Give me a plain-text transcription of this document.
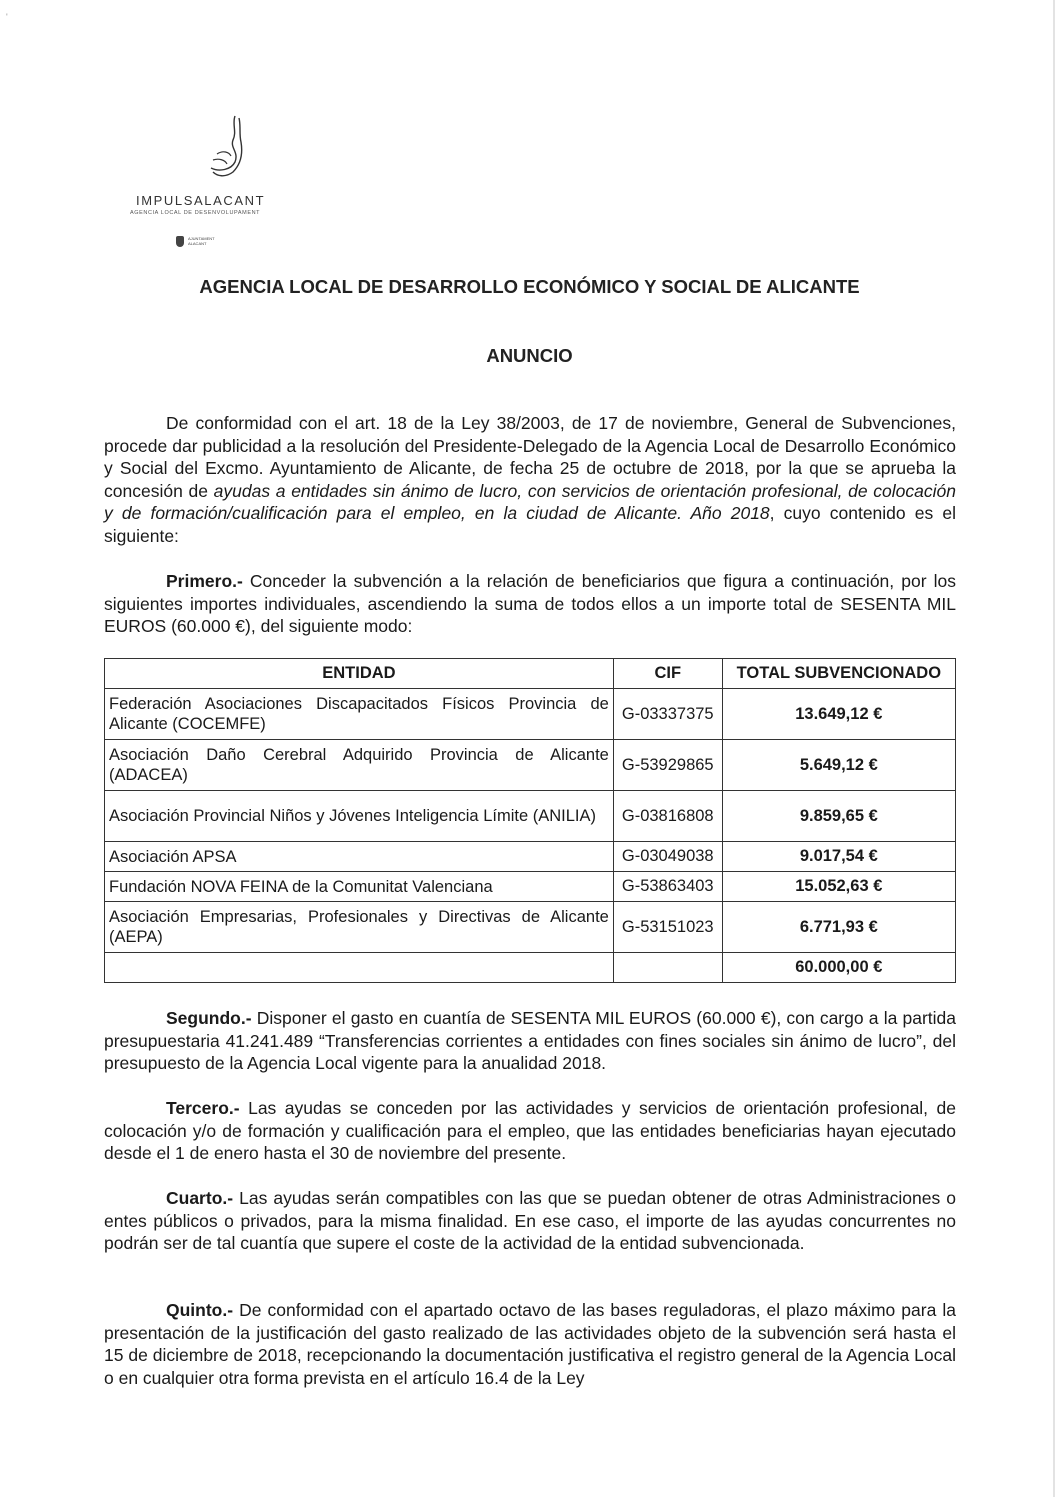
'
IMPULSALACANT
AGENCIA LOCAL DE DESENVOLUPAMENT
AJUNTAMENT ALACANT
AGENCIA LOCAL DE DESARROLLO ECONÓMICO Y SOCIAL DE ALICANTE
ANUNCIO
De conformidad con el art. 18 de la Ley 38/2003, de 17 de noviembre, General de Subvenciones, procede dar publicidad a la resolución del Presidente-Delegado de la Agencia Local de Desarrollo Económico y Social del Excmo. Ayuntamiento de Alicante, de fecha 25 de octubre de 2018, por la que se aprueba la concesión de ayudas a entidades sin ánimo de lucro, con servicios de orientación profesional, de colocación y de formación/cualificación para el empleo, en la ciudad de Alicante. Año 2018, cuyo contenido es el siguiente:
Primero.- Conceder la subvención a la relación de beneficiarios que figura a continuación, por los siguientes importes individuales, ascendiendo la suma de todos ellos a un importe total de SESENTA MIL EUROS (60.000 €), del siguiente modo:
ENTIDAD	CIF	TOTAL SUBVENCIONADO
Federación Asociaciones Discapacitados Físicos Provincia de Alicante (COCEMFE)	G-03337375	13.649,12 €
Asociación Daño Cerebral Adquirido Provincia de Alicante (ADACEA)	G-53929865	5.649,12 €
Asociación Provincial Niños y Jóvenes Inteligencia Límite (ANILIA)	G-03816808	9.859,65 €
Asociación APSA	G-03049038	9.017,54 €
Fundación NOVA FEINA de la Comunitat Valenciana	G-53863403	15.052,63 €
Asociación Empresarias, Profesionales y Directivas de Alicante (AEPA)	G-53151023	6.771,93 €
		60.000,00 €
Segundo.- Disponer el gasto en cuantía de SESENTA MIL EUROS (60.000 €), con cargo a la partida presupuestaria 41.241.489 “Transferencias corrientes a entidades con fines sociales sin ánimo de lucro”, del presupuesto de la Agencia Local vigente para la anualidad 2018.
Tercero.- Las ayudas se conceden por las actividades y servicios de orientación profesional, de colocación y/o de formación y cualificación para el empleo, que las entidades beneficiarias hayan ejecutado desde el 1 de enero hasta el 30 de noviembre del presente.
Cuarto.- Las ayudas serán compatibles con las que se puedan obtener de otras Administraciones o entes públicos o privados, para la misma finalidad. En ese caso, el importe de las ayudas concurrentes no podrán ser de tal cuantía que supere el coste de la actividad de la entidad subvencionada.
Quinto.- De conformidad con el apartado octavo de las bases reguladoras, el plazo máximo para la presentación de la justificación del gasto realizado de las actividades objeto de la subvención será hasta el 15 de diciembre de 2018, recepcionando la documentación justificativa el registro general de la Agencia Local o en cualquier otra forma prevista en el artículo 16.4 de la Ley
